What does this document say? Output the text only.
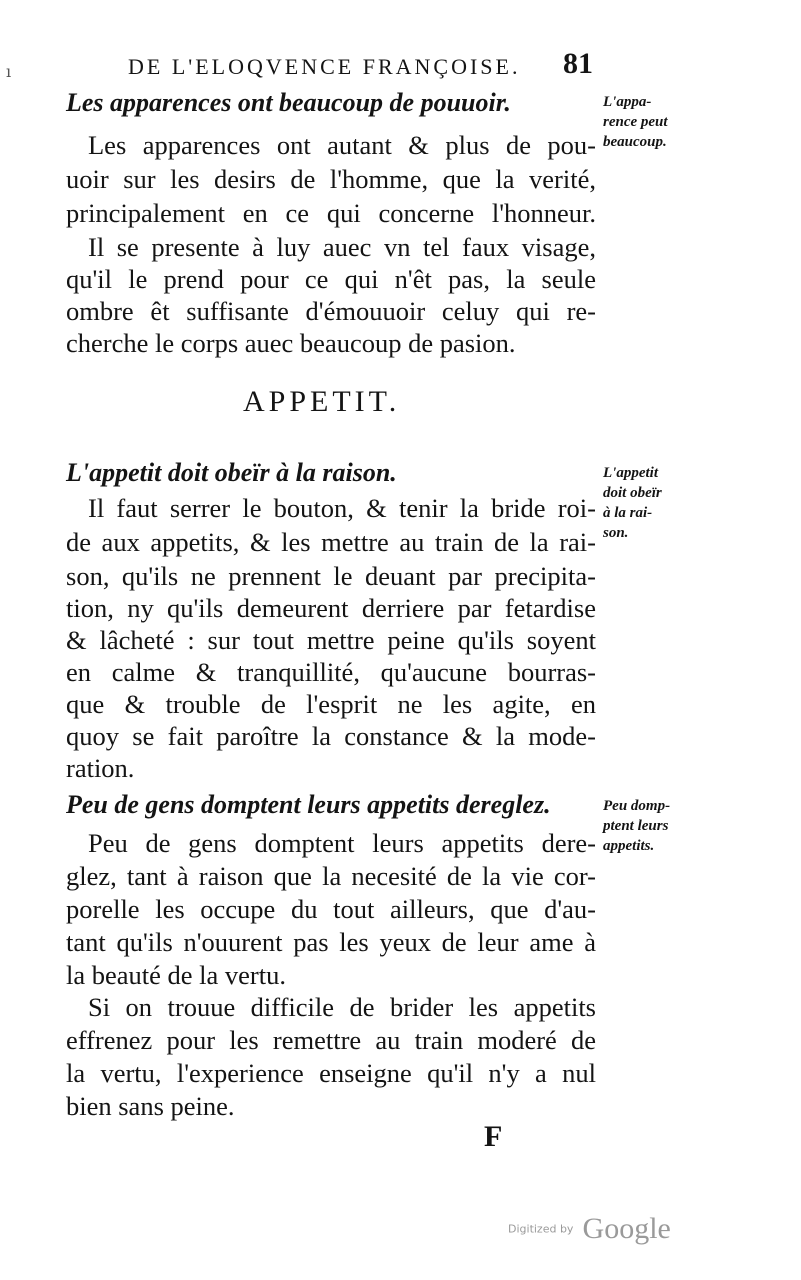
ı	DE L'ELOQVENCE FRANÇOISE. 81
Les apparences ont beaucoup de pouuoir.	L'appa-
rence peut
beaucoup.
Les apparences ont autant & plus de pou-
uoir sur les desirs de l'homme, que la verité,
principalement en ce qui concerne l'honneur.
Il se presente à luy auec vn tel faux visage,
qu'il le prend pour ce qui n'êt pas, la seule
ombre êt suffisante d'émouuoir celuy qui re-
cherche le corps auec beaucoup de pasion.
APPETIT.
L'appetit doit obeïr à la raison.	L'appetit
doit obeïr
à la rai-
son.
Il faut serrer le bouton, & tenir la bride roi-
de aux appetits, & les mettre au train de la rai-
son, qu'ils ne prennent le deuant par precipita-
tion, ny qu'ils demeurent derriere par fetardise
& lâcheté : sur tout mettre peine qu'ils soyent
en calme & tranquillité, qu'aucune bourras-
que & trouble de l'esprit ne les agite, en
quoy se fait paroître la constance & la mode-
ration.
Peu de gens domptent leurs appetits dereglez.	Peu domp-
ptent leurs
appetits.
Peu de gens domptent leurs appetits dere-
glez, tant à raison que la necesité de la vie cor-
porelle les occupe du tout ailleurs, que d'au-
tant qu'ils n'ouurent pas les yeux de leur ame à
la beauté de la vertu.
Si on trouue difficile de brider les appetits
effrenez pour les remettre au train moderé de
la vertu, l'experience enseigne qu'il n'y a nul
bien sans peine.
F
Digitized by Google
